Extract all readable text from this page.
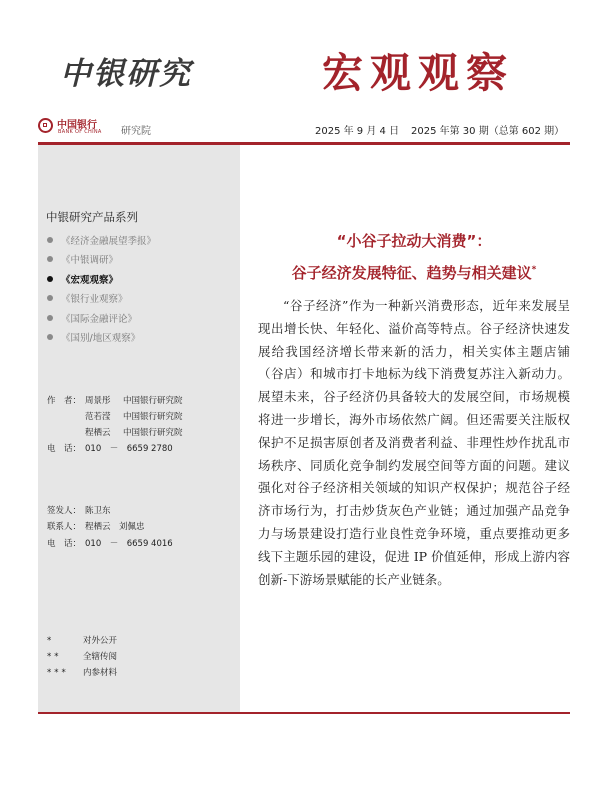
中银研究	宏观观察
中国银行
BANK OF CHINA 研究院	2025 年 9 月 4 日 2025 年第 30 期（总第 602 期）
中银研究产品系列
《经济金融展望季报》
《中银调研》
《宏观观察》
《银行业观察》
《国际金融评论》
《国别/地区观察》
作　者： 周景彤 中国银行研究院
范若滢 中国银行研究院
程栖云 中国银行研究院
电　话： 010　－　6659 2780
签发人： 陈卫东
联系人： 程栖云　刘佩忠
电　话： 010　－　6659 4016
*	对外公开
**	全辖传阅
*** 内参材料
“小谷子拉动大消费”：
谷子经济发展特征、趋势与相关建议*

“谷子经济”作为一种新兴消费形态，近年来发展呈现出增长快、年轻化、溢价高等特点。谷子经济快速发展给我国经济增长带来新的活力，相关实体主题店铺（谷店）和城市打卡地标为线下消费复苏注入新动力。展望未来，谷子经济仍具备较大的发展空间，市场规模将进一步增长，海外市场依然广阔。但还需要关注版权保护不足损害原创者及消费者利益、非理性炒作扰乱市场秩序、同质化竞争制约发展空间等方面的问题。建议强化对谷子经济相关领域的知识产权保护；规范谷子经济市场行为，打击炒货灰色产业链；通过加强产品竞争力与场景建设打造行业良性竞争环境，重点要推动更多线下主题乐园的建设，促进 IP 价值延伸，形成上游内容创新-下游场景赋能的长产业链条。
